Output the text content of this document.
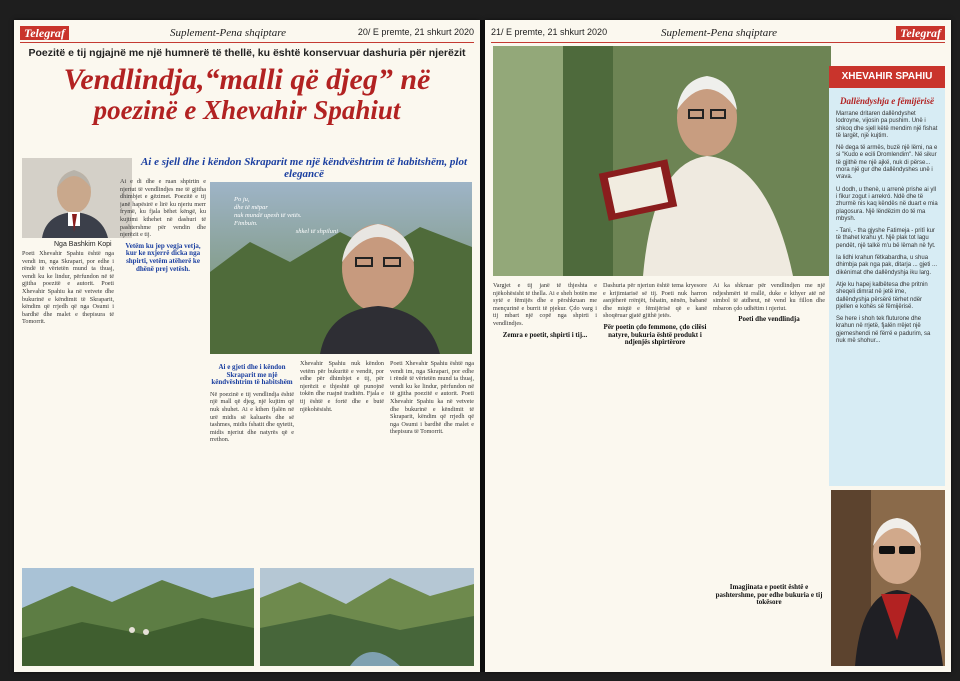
Telegraf	Suplement-Pena shqiptare	20/ E premte, 21 shkurt 2020
Poezitë e tij ngjajnë me një humnerë të thellë, ku është konservuar dashuria për njerëzit
Vendlindja,“malli që djeg” në
poezinë e Xhevahir Spahiut
Nga Bashkim Kopi
Ai e sjell dhe i këndon Skraparit me një këndvështrim të habitshëm, plot elegancë
Po ju,
dhe të mëpar
nuk mundë upesh të vetës.
Fimbuin.
shkel të shpiluni
Poeti Xhevahir Spahiu është nga vendi im, nga Skrapari, por edhe i rëndë të vërtetën mund ta thuaj, vendi ku ke lindur, përfundon në të gjitha poezitë e autorit. Poeti Xhevahir Spahiu ka në vetvete dhe bukurinë e këndimit të Skraparit, këndim që rrjedh që nga Osumi i bardhë dhe malet e thepisura të Tomorrit.
Ai e di dhe e ruan shpirtin e njeriut të vendlindjes me të gjitha dhimbjet e gëzimet. Poezitë e tij janë hapësirë e lirë ku njeriu merr frymë, ku fjala bëhet këngë, ku kujtimi kthehet në dashuri të pashtershme për vendin dhe njerëzit e tij.
Vetëm ku jep vegja vetja, kur ke nxjerrë dicka nga shpirti, vetëm atëherë ke dhënë prej vetësh.
Ai e gjeti dhe i këndon Skraparit me një këndvështrim të habitshëm
Në poezinë e tij vendlindja është një mall që djeg, një kujtim që nuk shuhet. Ai e kthen fjalën në urë midis së kaluarës dhe së tashmes, midis fshatit dhe qytetit, midis njeriut dhe natyrës që e rrethon.
Xhevahir Spahiu nuk këndon vetëm për bukuritë e vendit, por edhe për dhimbjet e tij, për njerëzit e thjeshtë që punojnë tokën dhe ruajnë traditën. Fjala e tij është e fortë dhe e butë njëkohësisht.
Poeti Xhevahir Spahiu është nga vendi im, nga Skrapari, por edhe i rëndë të vërtetën mund ta thuaj, vendi ku ke lindur, përfundon në të gjitha poezitë e autorit. Poeti Xhevahir Spahiu ka në vetvete dhe bukurinë e këndimit të Skraparit, këndim që rrjedh që nga Osumi i bardhë dhe malet e thepisura të Tomorrit.
21/ E premte, 21 shkurt 2020	Suplement-Pena shqiptare	Telegraf
Vargjet e tij janë të thjeshta e njëkohësisht të thella. Ai e sheh botën me sytë e fëmijës dhe e përshkruan me mençurinë e burrit të pjekur. Çdo varg i tij mbart një copë nga shpirti i vendlindjes.
Zemra e poetit, shpirti i tij...
Dashuria për njeriun është tema kryesore e krijimtarisë së tij. Poeti nuk harron asnjëherë rrënjët, fshatin, nënën, babanë dhe miqtë e fëmijërisë që e kanë shoqëruar gjatë gjithë jetës.
Për poetin çdo femmone, çdo cilësi natyre, bukuria është produkt i ndjenjës shpirtërore
Ai ka shkruar për vendlindjen me një ndjeshmëri të rrallë, duke e kthyer atë në simbol të atdheut, në vend ku fillon dhe mbaron çdo udhëtim i njeriut.
Poeti dhe vendlindja
XHEVAHIR SPAHIU
Dallëndyshja e fëmijërisë

Marrane dritarеn dallëndyshet lodroyne, vijosin pa pushim. Unë i shkoq dhe sjell këtë mendim një fishat të largët, një kujtim.

Në dega të armës, buzë një lëmi, na e si "Kudo e ecili Dromlendim". Në sikur të gjithë me një ajkë, nuk di përse... mora një gur dhe dallëndyshes unë i vrava.

U dodh, u thenè, u arrenè prishe ai yll i fikur zogut i arrekró. Ndë dhe të zhurmë nis kaq këndës në duart e mia plagosura. Një lëndëzim do të ma mbysh.

- Tani, - tha gjyshe Fatimeja - pritï kur të thahet krahu yt. Një plak tot lagu pendët, një talkë m'u bë lëmah në fyt.

Ia lidhi krahun fëtkabardha, u shua dhimbja pak nga pak, ditarja ... gjeti ... dikénimat dhe dallëndyshja iku larg.

Atje ku hapej kalbëtesa dhe pritnin sheqeli dimrat në jetë ime, dallëndyshja përsërë tërhet ndër pjellen e kohës së fëmijërisë.

Se here i shoh tek fluturone dhe krahun në rrjetë, fjalën rrëjet një gjemeshendi në fërrë e padurim, sa nuk më shohur...

Imagjinata e poetit është e pashtershme, por edhe bukuria e tij tokësore
